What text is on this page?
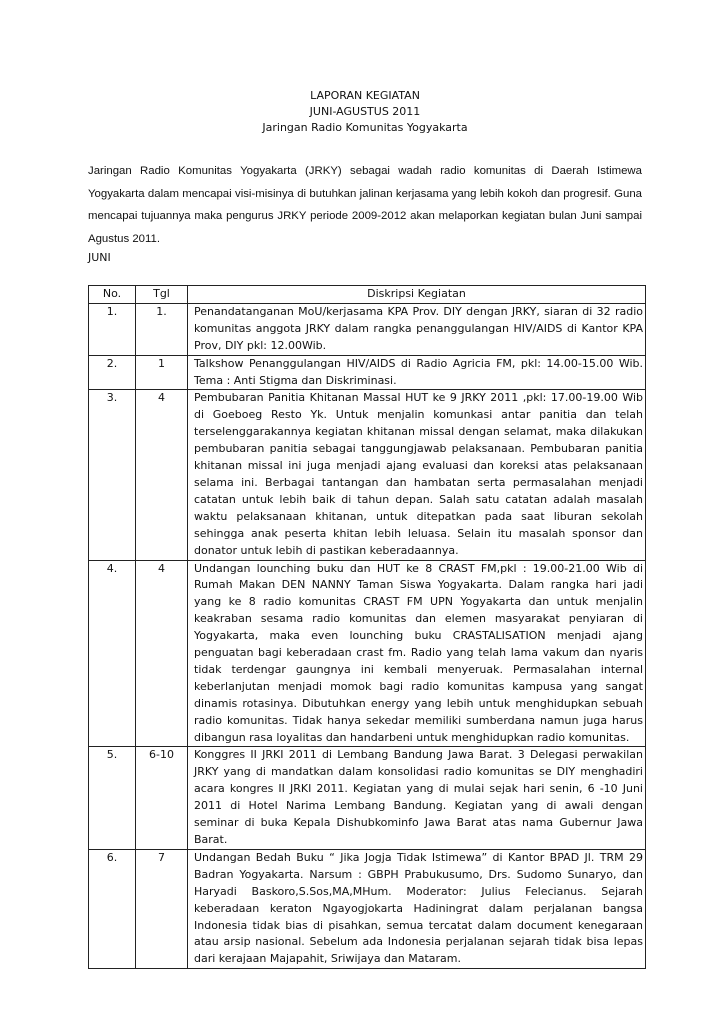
LAPORAN KEGIATAN
JUNI-AGUSTUS 2011
Jaringan Radio Komunitas Yogyakarta
Jaringan Radio Komunitas Yogyakarta (JRKY) sebagai wadah radio komunitas di Daerah Istimewa Yogyakarta dalam mencapai visi-misinya di butuhkan jalinan kerjasama yang lebih kokoh dan progresif. Guna mencapai tujuannya maka pengurus JRKY periode 2009-2012 akan melaporkan kegiatan bulan Juni sampai Agustus 2011.
JUNI
No.	Tgl	Diskripsi Kegiatan
1.	1.	Penandatanganan MoU/kerjasama KPA Prov. DIY dengan JRKY, siaran di 32 radio komunitas anggota JRKY dalam rangka penanggulangan HIV/AIDS di Kantor KPA Prov, DIY pkl: 12.00Wib.
2.	1	Talkshow Penanggulangan HIV/AIDS di Radio Agricia FM, pkl: 14.00-15.00 Wib. Tema : Anti Stigma dan Diskriminasi.
3.	4	Pembubaran Panitia Khitanan Massal HUT ke 9 JRKY 2011 ,pkl: 17.00-19.00 Wib di Goeboeg Resto Yk. Untuk menjalin komunkasi antar panitia dan telah terselenggarakannya kegiatan khitanan missal dengan selamat, maka dilakukan pembubaran panitia sebagai tanggungjawab pelaksanaan. Pembubaran panitia khitanan missal ini juga menjadi ajang evaluasi dan koreksi atas pelaksanaan selama ini. Berbagai tantangan dan hambatan serta permasalahan menjadi catatan untuk lebih baik di tahun depan. Salah satu catatan adalah masalah waktu pelaksanaan khitanan, untuk ditepatkan pada saat liburan sekolah sehingga anak peserta khitan lebih leluasa. Selain itu masalah sponsor dan donator untuk lebih di pastikan keberadaannya.
4.	4	Undangan lounching buku dan HUT ke 8 CRAST FM,pkl : 19.00-21.00 Wib di Rumah Makan DEN NANNY Taman Siswa Yogyakarta. Dalam rangka hari jadi yang ke 8 radio komunitas CRAST FM UPN Yogyakarta dan untuk menjalin keakraban sesama radio komunitas dan elemen masyarakat penyiaran di Yogyakarta, maka even lounching buku CRASTALISATION menjadi ajang penguatan bagi keberadaan crast fm. Radio yang telah lama vakum dan nyaris tidak terdengar gaungnya ini kembali menyeruak. Permasalahan internal keberlanjutan menjadi momok bagi radio komunitas kampusa yang sangat dinamis rotasinya. Dibutuhkan energy yang lebih untuk menghidupkan sebuah radio komunitas. Tidak hanya sekedar memiliki sumberdana namun juga harus dibangun rasa loyalitas dan handarbeni untuk menghidupkan radio komunitas.
5.	6-10	Konggres II JRKI 2011 di Lembang Bandung Jawa Barat. 3 Delegasi perwakilan JRKY yang di mandatkan dalam konsolidasi radio komunitas se DIY menghadiri acara kongres II JRKI 2011. Kegiatan yang di mulai sejak hari senin, 6 -10 Juni 2011 di Hotel Narima Lembang Bandung. Kegiatan yang di awali dengan seminar di buka Kepala Dishubkominfo Jawa Barat atas nama Gubernur Jawa Barat.
6.	7	Undangan Bedah Buku “ Jika Jogja Tidak Istimewa” di Kantor BPAD Jl. TRM 29 Badran Yogyakarta. Narsum : GBPH Prabukusumo, Drs. Sudomo Sunaryo, dan Haryadi Baskoro,S.Sos,MA,MHum. Moderator: Julius Felecianus. Sejarah keberadaan keraton Ngayogjokarta Hadiningrat dalam perjalanan bangsa Indonesia tidak bias di pisahkan, semua tercatat dalam document kenegaraan atau arsip nasional. Sebelum ada Indonesia perjalanan sejarah tidak bisa lepas dari kerajaan Majapahit, Sriwijaya dan Mataram.
